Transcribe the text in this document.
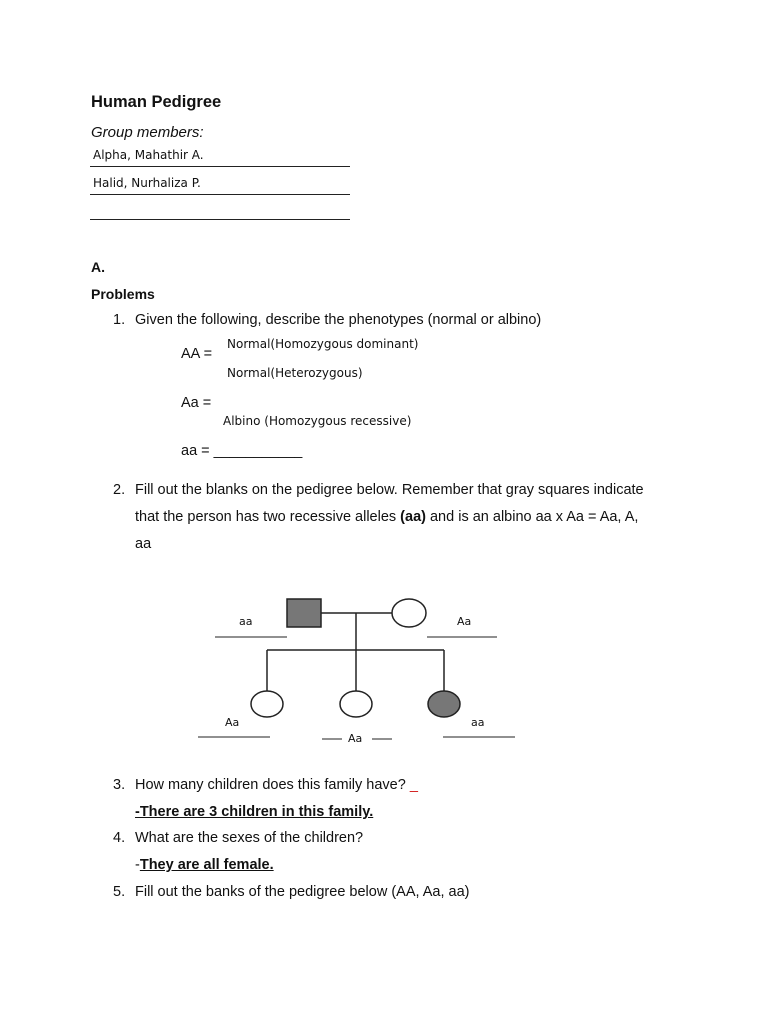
Human Pedigree
Group members:
Alpha, Mahathir A.
Halid, Nurhaliza P.
A.
Problems
1. Given the following, describe the phenotypes (normal or albino)
AA =
Normal(Homozygous dominant)
Normal(Heterozygous)
Aa =
Albino (Homozygous recessive)
aa = ___________
2. Fill out the blanks on the pedigree below. Remember that gray squares indicate
that the person has two recessive alleles (aa) and is an albino aa x Aa = Aa, A,
aa
aa	Aa
Aa
Aa
aa
3. How many children does this family have? _
-There are 3 children in this family.
4. What are the sexes of the children?
-They are all female.
5. Fill out the banks of the pedigree below (AA, Aa, aa)
